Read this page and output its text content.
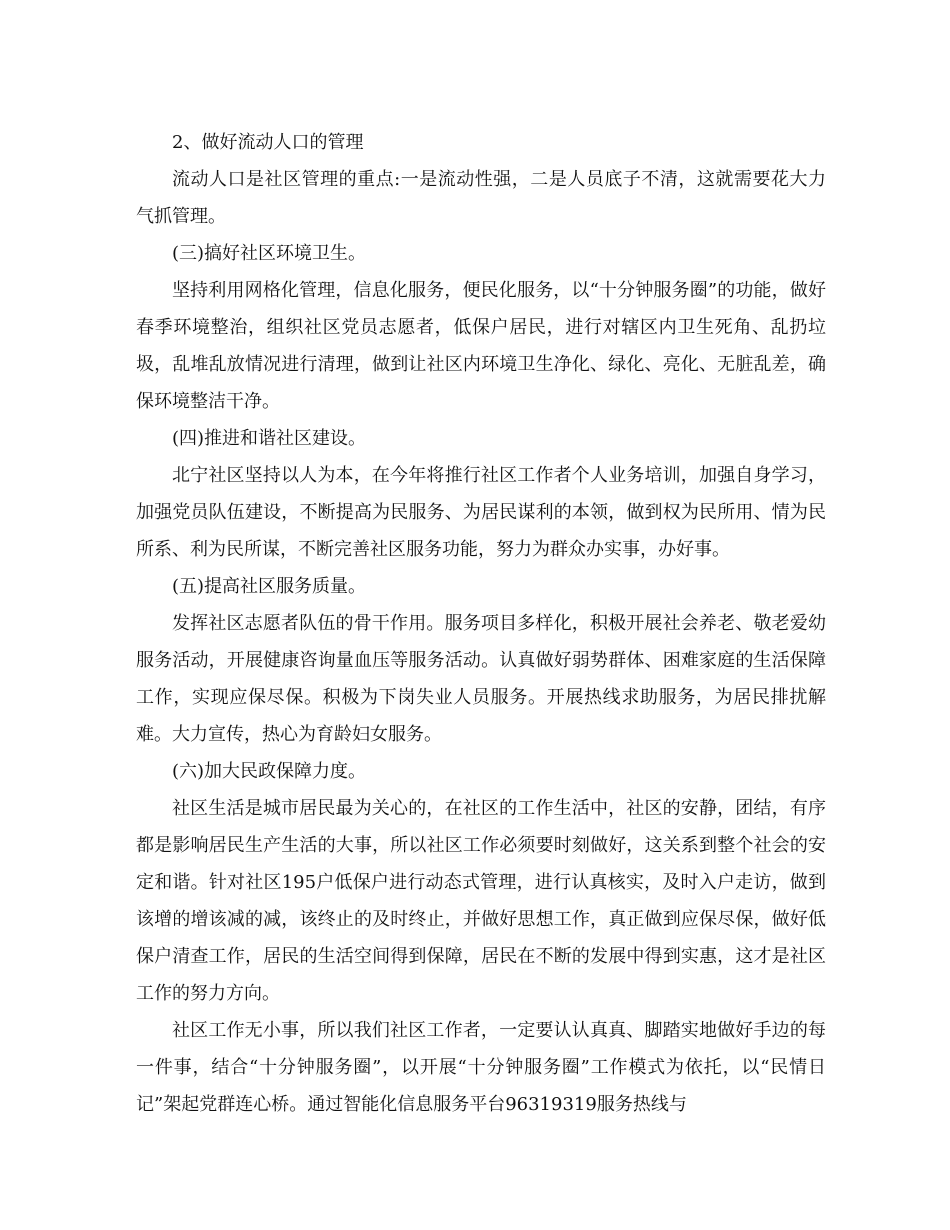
2、做好流动人口的管理

流动人口是社区管理的重点:一是流动性强，二是人员底子不清，这就需要花大力气抓管理。

(三)搞好社区环境卫生。

坚持利用网格化管理，信息化服务，便民化服务，以“十分钟服务圈”的功能，做好春季环境整治，组织社区党员志愿者，低保户居民，进行对辖区内卫生死角、乱扔垃圾，乱堆乱放情况进行清理，做到让社区内环境卫生净化、绿化、亮化、无脏乱差，确保环境整洁干净。

(四)推进和谐社区建设。

北宁社区坚持以人为本，在今年将推行社区工作者个人业务培训，加强自身学习，加强党员队伍建设，不断提高为民服务、为居民谋利的本领，做到权为民所用、情为民所系、利为民所谋，不断完善社区服务功能，努力为群众办实事，办好事。

(五)提高社区服务质量。

发挥社区志愿者队伍的骨干作用。服务项目多样化，积极开展社会养老、敬老爱幼服务活动，开展健康咨询量血压等服务活动。认真做好弱势群体、困难家庭的生活保障工作，实现应保尽保。积极为下岗失业人员服务。开展热线求助服务，为居民排扰解难。大力宣传，热心为育龄妇女服务。

(六)加大民政保障力度。

社区生活是城市居民最为关心的，在社区的工作生活中，社区的安静，团结，有序都是影响居民生产生活的大事，所以社区工作必须要时刻做好，这关系到整个社会的安定和谐。针对社区195户低保户进行动态式管理，进行认真核实，及时入户走访，做到该增的增该减的减，该终止的及时终止，并做好思想工作，真正做到应保尽保，做好低保户清查工作，居民的生活空间得到保障，居民在不断的发展中得到实惠，这才是社区工作的努力方向。

社区工作无小事，所以我们社区工作者，一定要认认真真、脚踏实地做好手边的每一件事，结合“十分钟服务圈”，以开展“十分钟服务圈”工作模式为依托，以“民情日记”架起党群连心桥。通过智能化信息服务平台96319319服务热线与
